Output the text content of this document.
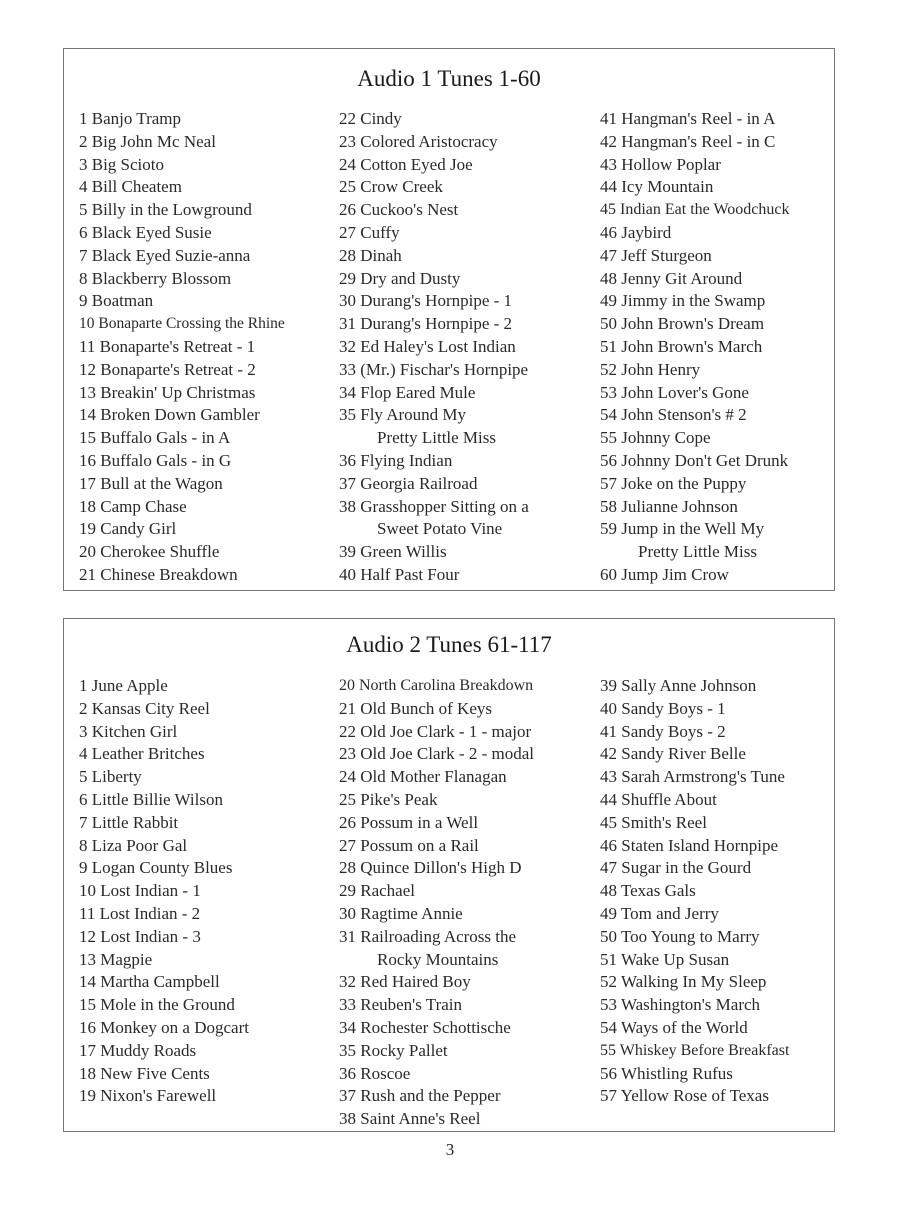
Audio 1 Tunes 1-60
1 Banjo Tramp
2 Big John Mc Neal
3 Big Scioto
4 Bill Cheatem
5 Billy in the Lowground
6 Black Eyed Susie
7 Black Eyed Suzie-anna
8 Blackberry Blossom
9 Boatman
10 Bonaparte Crossing the Rhine
11 Bonaparte's Retreat - 1
12 Bonaparte's Retreat - 2
13 Breakin' Up Christmas
14 Broken Down Gambler
15 Buffalo Gals - in A
16 Buffalo Gals - in G
17 Bull at the Wagon
18 Camp Chase
19 Candy Girl
20 Cherokee Shuffle
21 Chinese Breakdown
22 Cindy
23 Colored Aristocracy
24 Cotton Eyed Joe
25 Crow Creek
26 Cuckoo's Nest
27 Cuffy
28 Dinah
29 Dry and Dusty
30 Durang's Hornpipe - 1
31 Durang's Hornpipe - 2
32 Ed Haley's Lost Indian
33 (Mr.) Fischar's Hornpipe
34 Flop Eared Mule
35 Fly Around My
Pretty Little Miss
36 Flying Indian
37 Georgia Railroad
38 Grasshopper Sitting on a
Sweet Potato Vine
39 Green Willis
40 Half Past Four
41 Hangman's Reel - in A
42 Hangman's Reel - in C
43 Hollow Poplar
44 Icy Mountain
45 Indian Eat the Woodchuck
46 Jaybird
47 Jeff Sturgeon
48 Jenny Git Around
49 Jimmy in the Swamp
50 John Brown's Dream
51 John Brown's March
52 John Henry
53 John Lover's Gone
54 John Stenson's # 2
55 Johnny Cope
56 Johnny Don't Get Drunk
57 Joke on the Puppy
58 Julianne Johnson
59 Jump in the Well My
Pretty Little Miss
60 Jump Jim Crow
Audio 2 Tunes 61-117
1 June Apple
2 Kansas City Reel
3 Kitchen Girl
4 Leather Britches
5 Liberty
6 Little Billie Wilson
7 Little Rabbit
8 Liza Poor Gal
9 Logan County Blues
10 Lost Indian - 1
11 Lost Indian - 2
12 Lost Indian - 3
13 Magpie
14 Martha Campbell
15 Mole in the Ground
16 Monkey on a Dogcart
17 Muddy Roads
18 New Five Cents
19 Nixon's Farewell
20 North Carolina Breakdown
21 Old Bunch of Keys
22 Old Joe Clark - 1 - major
23 Old Joe Clark - 2 - modal
24 Old Mother Flanagan
25 Pike's Peak
26 Possum in a Well
27 Possum on a Rail
28 Quince Dillon's High D
29 Rachael
30 Ragtime Annie
31 Railroading Across the
Rocky Mountains
32 Red Haired Boy
33 Reuben's Train
34 Rochester Schottische
35 Rocky Pallet
36 Roscoe
37 Rush and the Pepper
38 Saint Anne's Reel
39 Sally Anne Johnson
40 Sandy Boys - 1
41 Sandy Boys - 2
42 Sandy River Belle
43 Sarah Armstrong's Tune
44 Shuffle About
45 Smith's Reel
46 Staten Island Hornpipe
47 Sugar in the Gourd
48 Texas Gals
49 Tom and Jerry
50 Too Young to Marry
51 Wake Up Susan
52 Walking In My Sleep
53 Washington's March
54 Ways of the World
55 Whiskey Before Breakfast
56 Whistling Rufus
57 Yellow Rose of Texas
3
